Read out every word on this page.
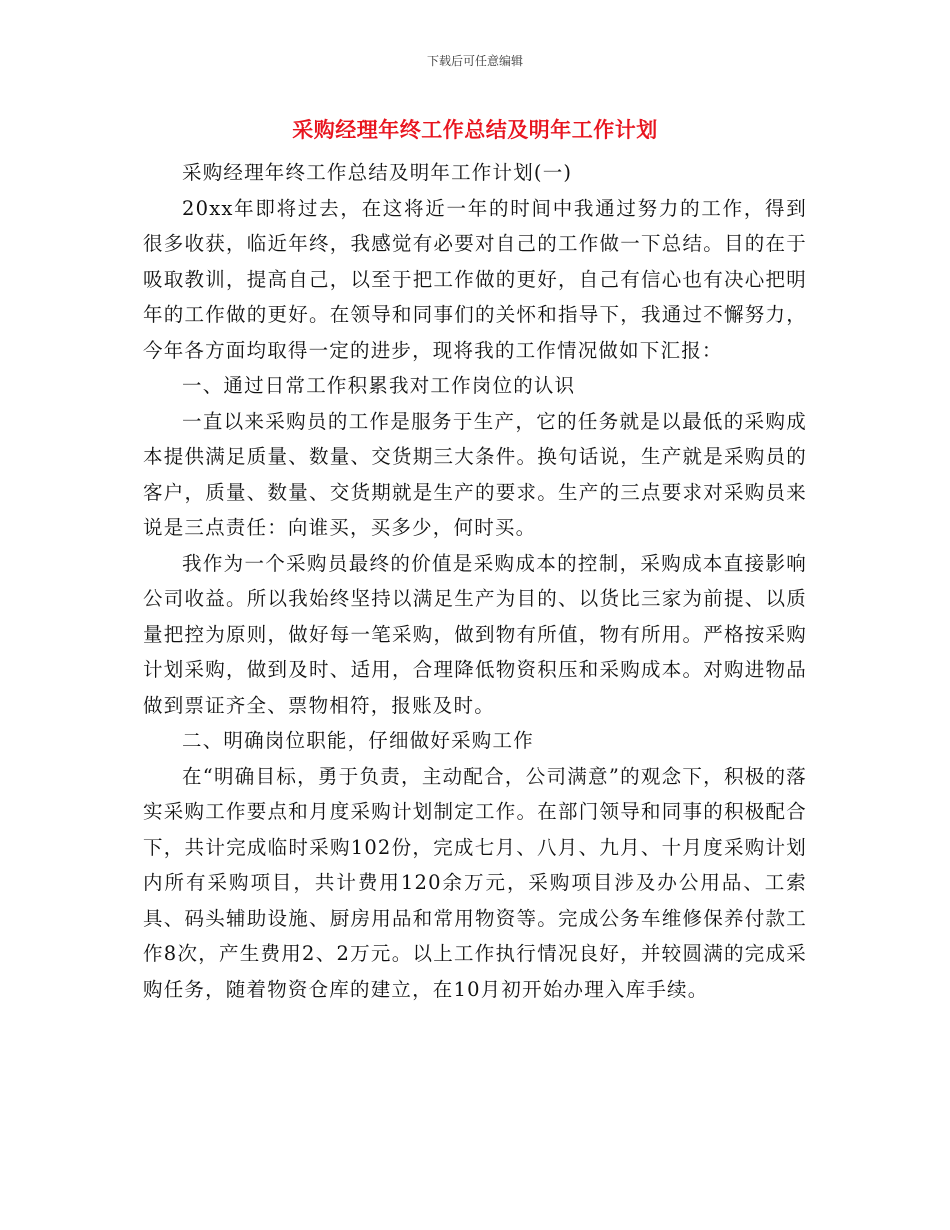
下载后可任意编辑
采购经理年终工作总结及明年工作计划

采购经理年终工作总结及明年工作计划(一)

20xx年即将过去，在这将近一年的时间中我通过努力的工作，得到很多收获，临近年终，我感觉有必要对自己的工作做一下总结。目的在于吸取教训，提高自己，以至于把工作做的更好，自己有信心也有决心把明年的工作做的更好。在领导和同事们的关怀和指导下，我通过不懈努力，今年各方面均取得一定的进步，现将我的工作情况做如下汇报：

一、通过日常工作积累我对工作岗位的认识

一直以来采购员的工作是服务于生产，它的任务就是以最低的采购成本提供满足质量、数量、交货期三大条件。换句话说，生产就是采购员的客户，质量、数量、交货期就是生产的要求。生产的三点要求对采购员来说是三点责任：向谁买，买多少，何时买。

我作为一个采购员最终的价值是采购成本的控制，采购成本直接影响公司收益。所以我始终坚持以满足生产为目的、以货比三家为前提、以质量把控为原则，做好每一笔采购，做到物有所值，物有所用。严格按采购计划采购，做到及时、适用，合理降低物资积压和采购成本。对购进物品做到票证齐全、票物相符，报账及时。

二、明确岗位职能，仔细做好采购工作

在“明确目标，勇于负责，主动配合，公司满意”的观念下，积极的落实采购工作要点和月度采购计划制定工作。在部门领导和同事的积极配合下，共计完成临时采购102份，完成七月、八月、九月、十月度采购计划内所有采购项目，共计费用120余万元，采购项目涉及办公用品、工索具、码头辅助设施、厨房用品和常用物资等。完成公务车维修保养付款工作8次，产生费用2、2万元。以上工作执行情况良好，并较圆满的完成采购任务，随着物资仓库的建立，在10月初开始办理入库手续。
